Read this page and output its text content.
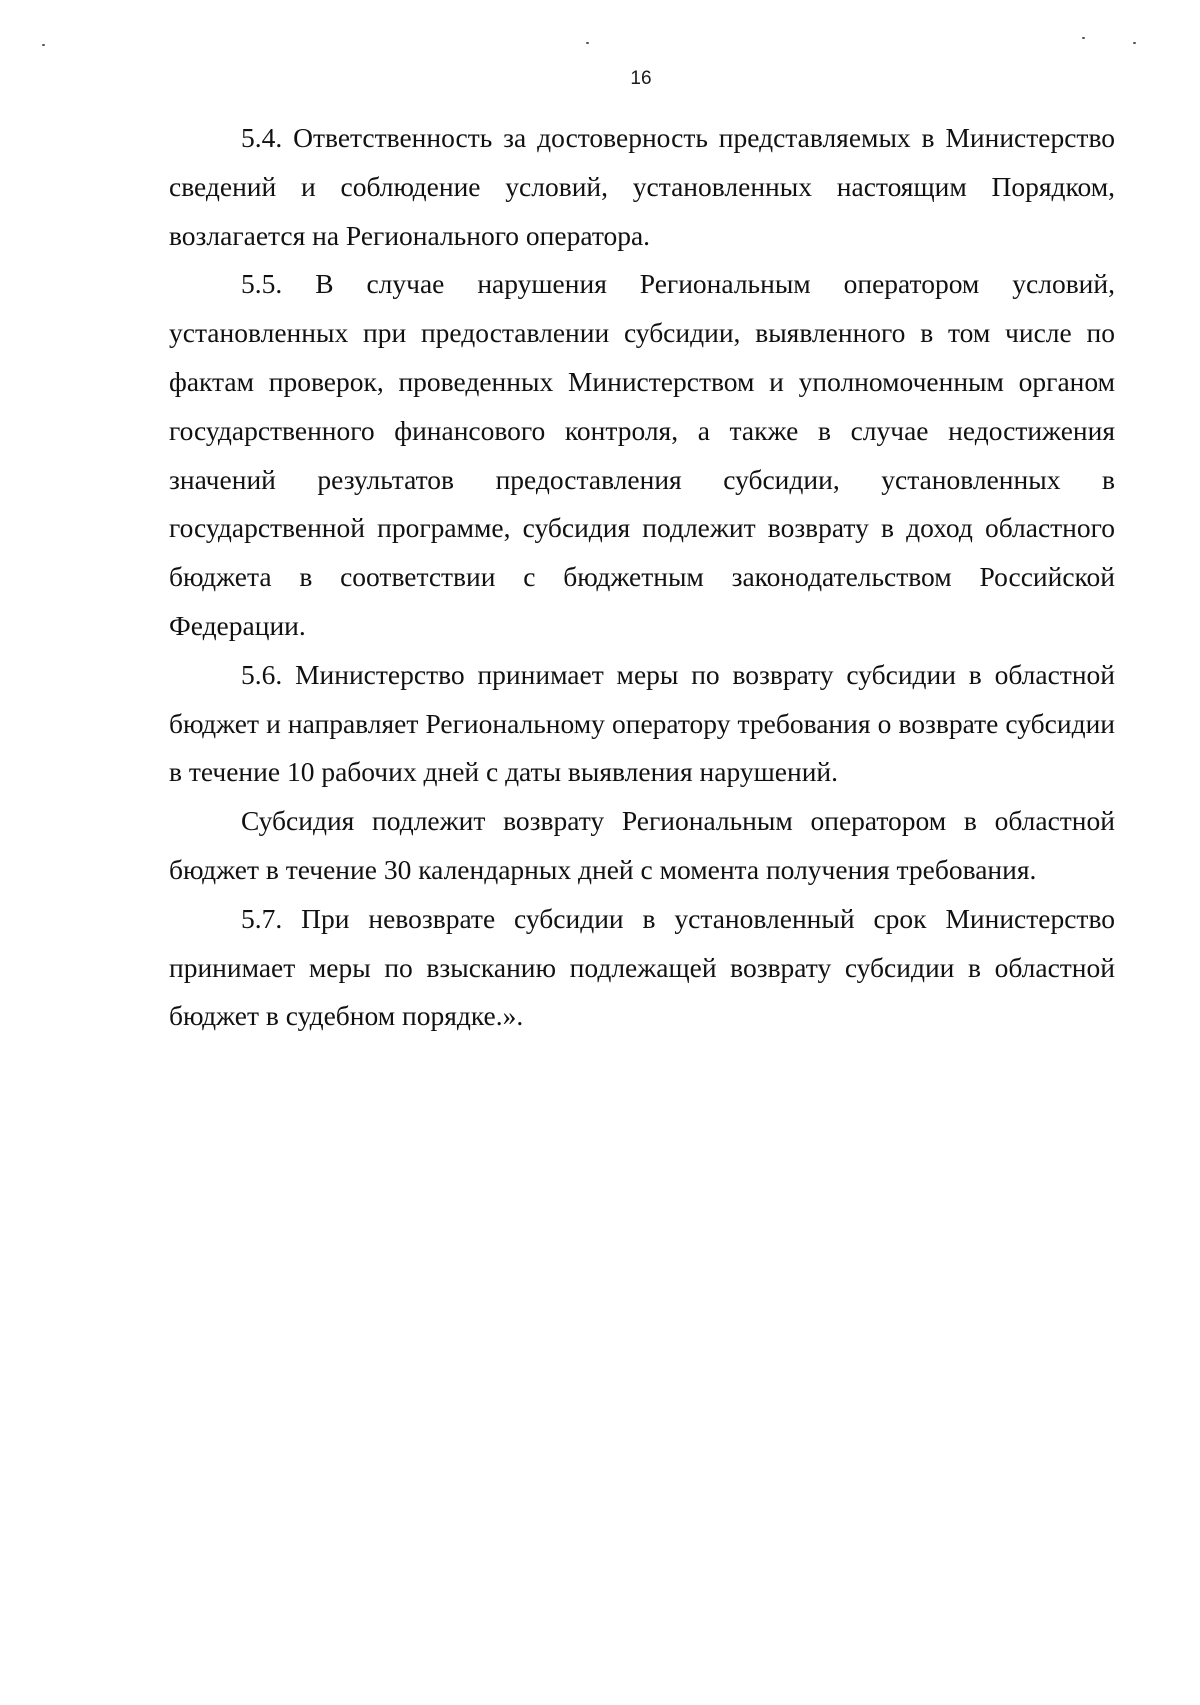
16

5.4. Ответственность за достоверность представляемых в Министерство сведений и соблюдение условий, установленных настоящим Порядком, возлагается на Регионального оператора.

5.5. В случае нарушения Региональным оператором условий, установленных при предоставлении субсидии, выявленного в том числе по фактам проверок, проведенных Министерством и уполномоченным органом государственного финансового контроля, а также в случае недостижения значений результатов предоставления субсидии, установленных в государственной программе, субсидия подлежит возврату в доход областного бюджета в соответствии с бюджетным законодательством Российской Федерации.

5.6. Министерство принимает меры по возврату субсидии в областной бюджет и направляет Региональному оператору требования о возврате субсидии в течение 10 рабочих дней с даты выявления нарушений.

Субсидия подлежит возврату Региональным оператором в областной бюджет в течение 30 календарных дней с момента получения требования.

5.7. При невозврате субсидии в установленный срок Министерство принимает меры по взысканию подлежащей возврату субсидии в областной бюджет в судебном порядке.».
